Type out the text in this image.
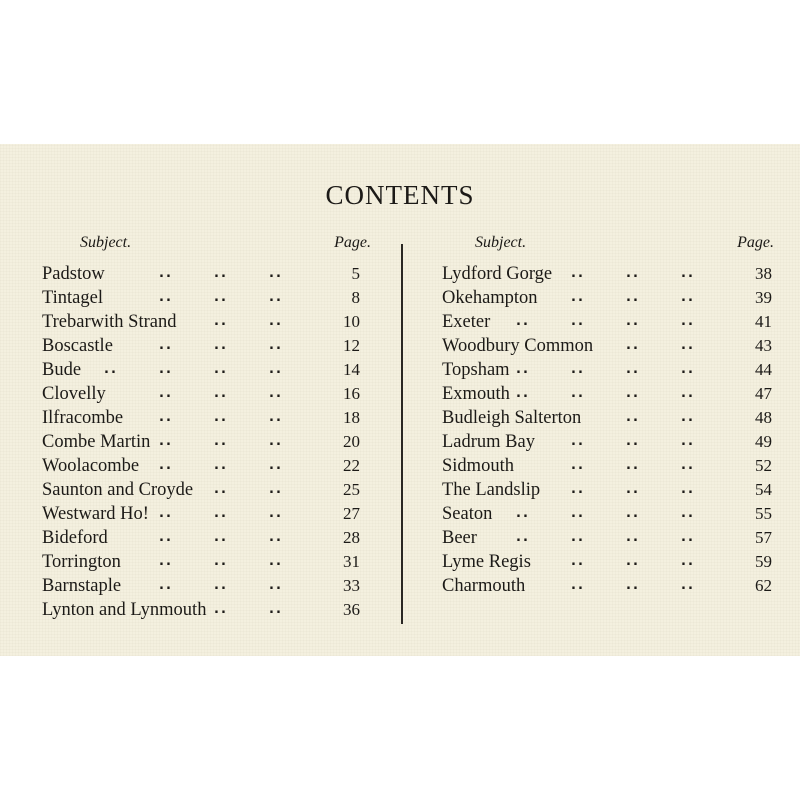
CONTENTS
Subject.	Page.
..	..	..
Padstow	5
..	..	..
Tintagel	8
..	..
Trebarwith Strand	10
..	..	..
Boscastle	12
..	..	..	..
Bude	14
..	..	..
Clovelly	16
..	..	..
Ilfracombe	18
..	..	..
Combe Martin	20
..	..	..
Woolacombe	22
..	..
Saunton and Croyde	25
..	..	..
Westward Ho!	27
..	..	..
Bideford	28
..	..	..
Torrington	31
..	..	..
Barnstaple	33
..	..
Lynton and Lynmouth	36
Subject.	Page.
..	..	..
Lydford Gorge	38
..	..	..
Okehampton	39
..	..	..	..
Exeter	41
..	..
Woodbury Common	43
..	..	..	..
Topsham	44
..	..	..	..
Exmouth	47
..	..
Budleigh Salterton	48
..	..	..
Ladrum Bay	49
..	..	..
Sidmouth	52
..	..	..
The Landslip	54
..	..	..	..
Seaton	55
..	..	..	..
Beer	57
..	..	..
Lyme Regis	59
..	..	..
Charmouth	62
